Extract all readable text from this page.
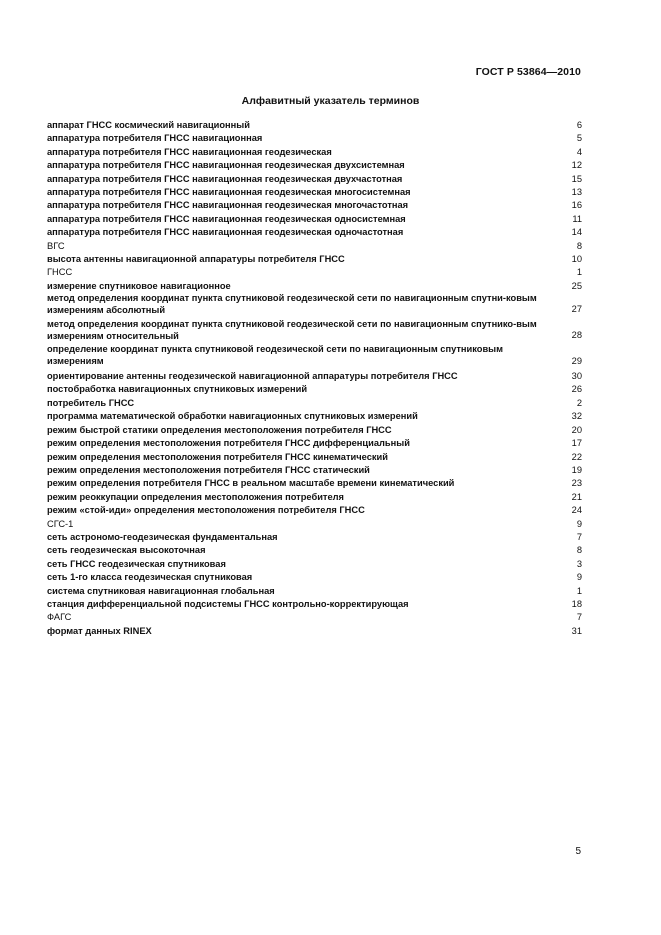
ГОСТ Р 53864—2010
Алфавитный указатель терминов
аппарат ГНСС космический навигационный	6
аппаратура потребителя ГНСС навигационная	5
аппаратура потребителя ГНСС навигационная геодезическая	4
аппаратура потребителя ГНСС навигационная геодезическая двухсистемная	12
аппаратура потребителя ГНСС навигационная геодезическая двухчастотная	15
аппаратура потребителя ГНСС навигационная геодезическая многосистемная	13
аппаратура потребителя ГНСС навигационная геодезическая многочастотная	16
аппаратура потребителя ГНСС навигационная геодезическая односистемная	11
аппаратура потребителя ГНСС навигационная геодезическая одночастотная	14
ВГС	8
высота антенны навигационной аппаратуры потребителя ГНСС	10
ГНСС	1
измерение спутниковое навигационное	25
метод определения координат пункта спутниковой геодезической сети по навигационным спутни-ковым измерениям абсолютный	27
метод определения координат пункта спутниковой геодезической сети по навигационным спутнико-вым измерениям относительный	28
определение координат пункта спутниковой геодезической сети по навигационным спутниковым измерениям	29
ориентирование антенны геодезической навигационной аппаратуры потребителя ГНСС	30
постобработка навигационных спутниковых измерений	26
потребитель ГНСС	2
программа математической обработки навигационных спутниковых измерений	32
режим быстрой статики определения местоположения потребителя ГНСС	20
режим определения местоположения потребителя ГНСС дифференциальный	17
режим определения местоположения потребителя ГНСС кинематический	22
режим определения местоположения потребителя ГНСС статический	19
режим определения потребителя ГНСС в реальном масштабе времени кинематический	23
режим реоккупации определения местоположения потребителя	21
режим «стой-иди» определения местоположения потребителя ГНСС	24
СГС-1	9
сеть астрономо-геодезическая фундаментальная	7
сеть геодезическая высокоточная	8
сеть ГНСС геодезическая спутниковая	3
сеть 1-го класса геодезическая спутниковая	9
система спутниковая навигационная глобальная	1
станция дифференциальной подсистемы ГНСС контрольно-корректирующая	18
ФАГС	7
формат данных RINEX	31
5
